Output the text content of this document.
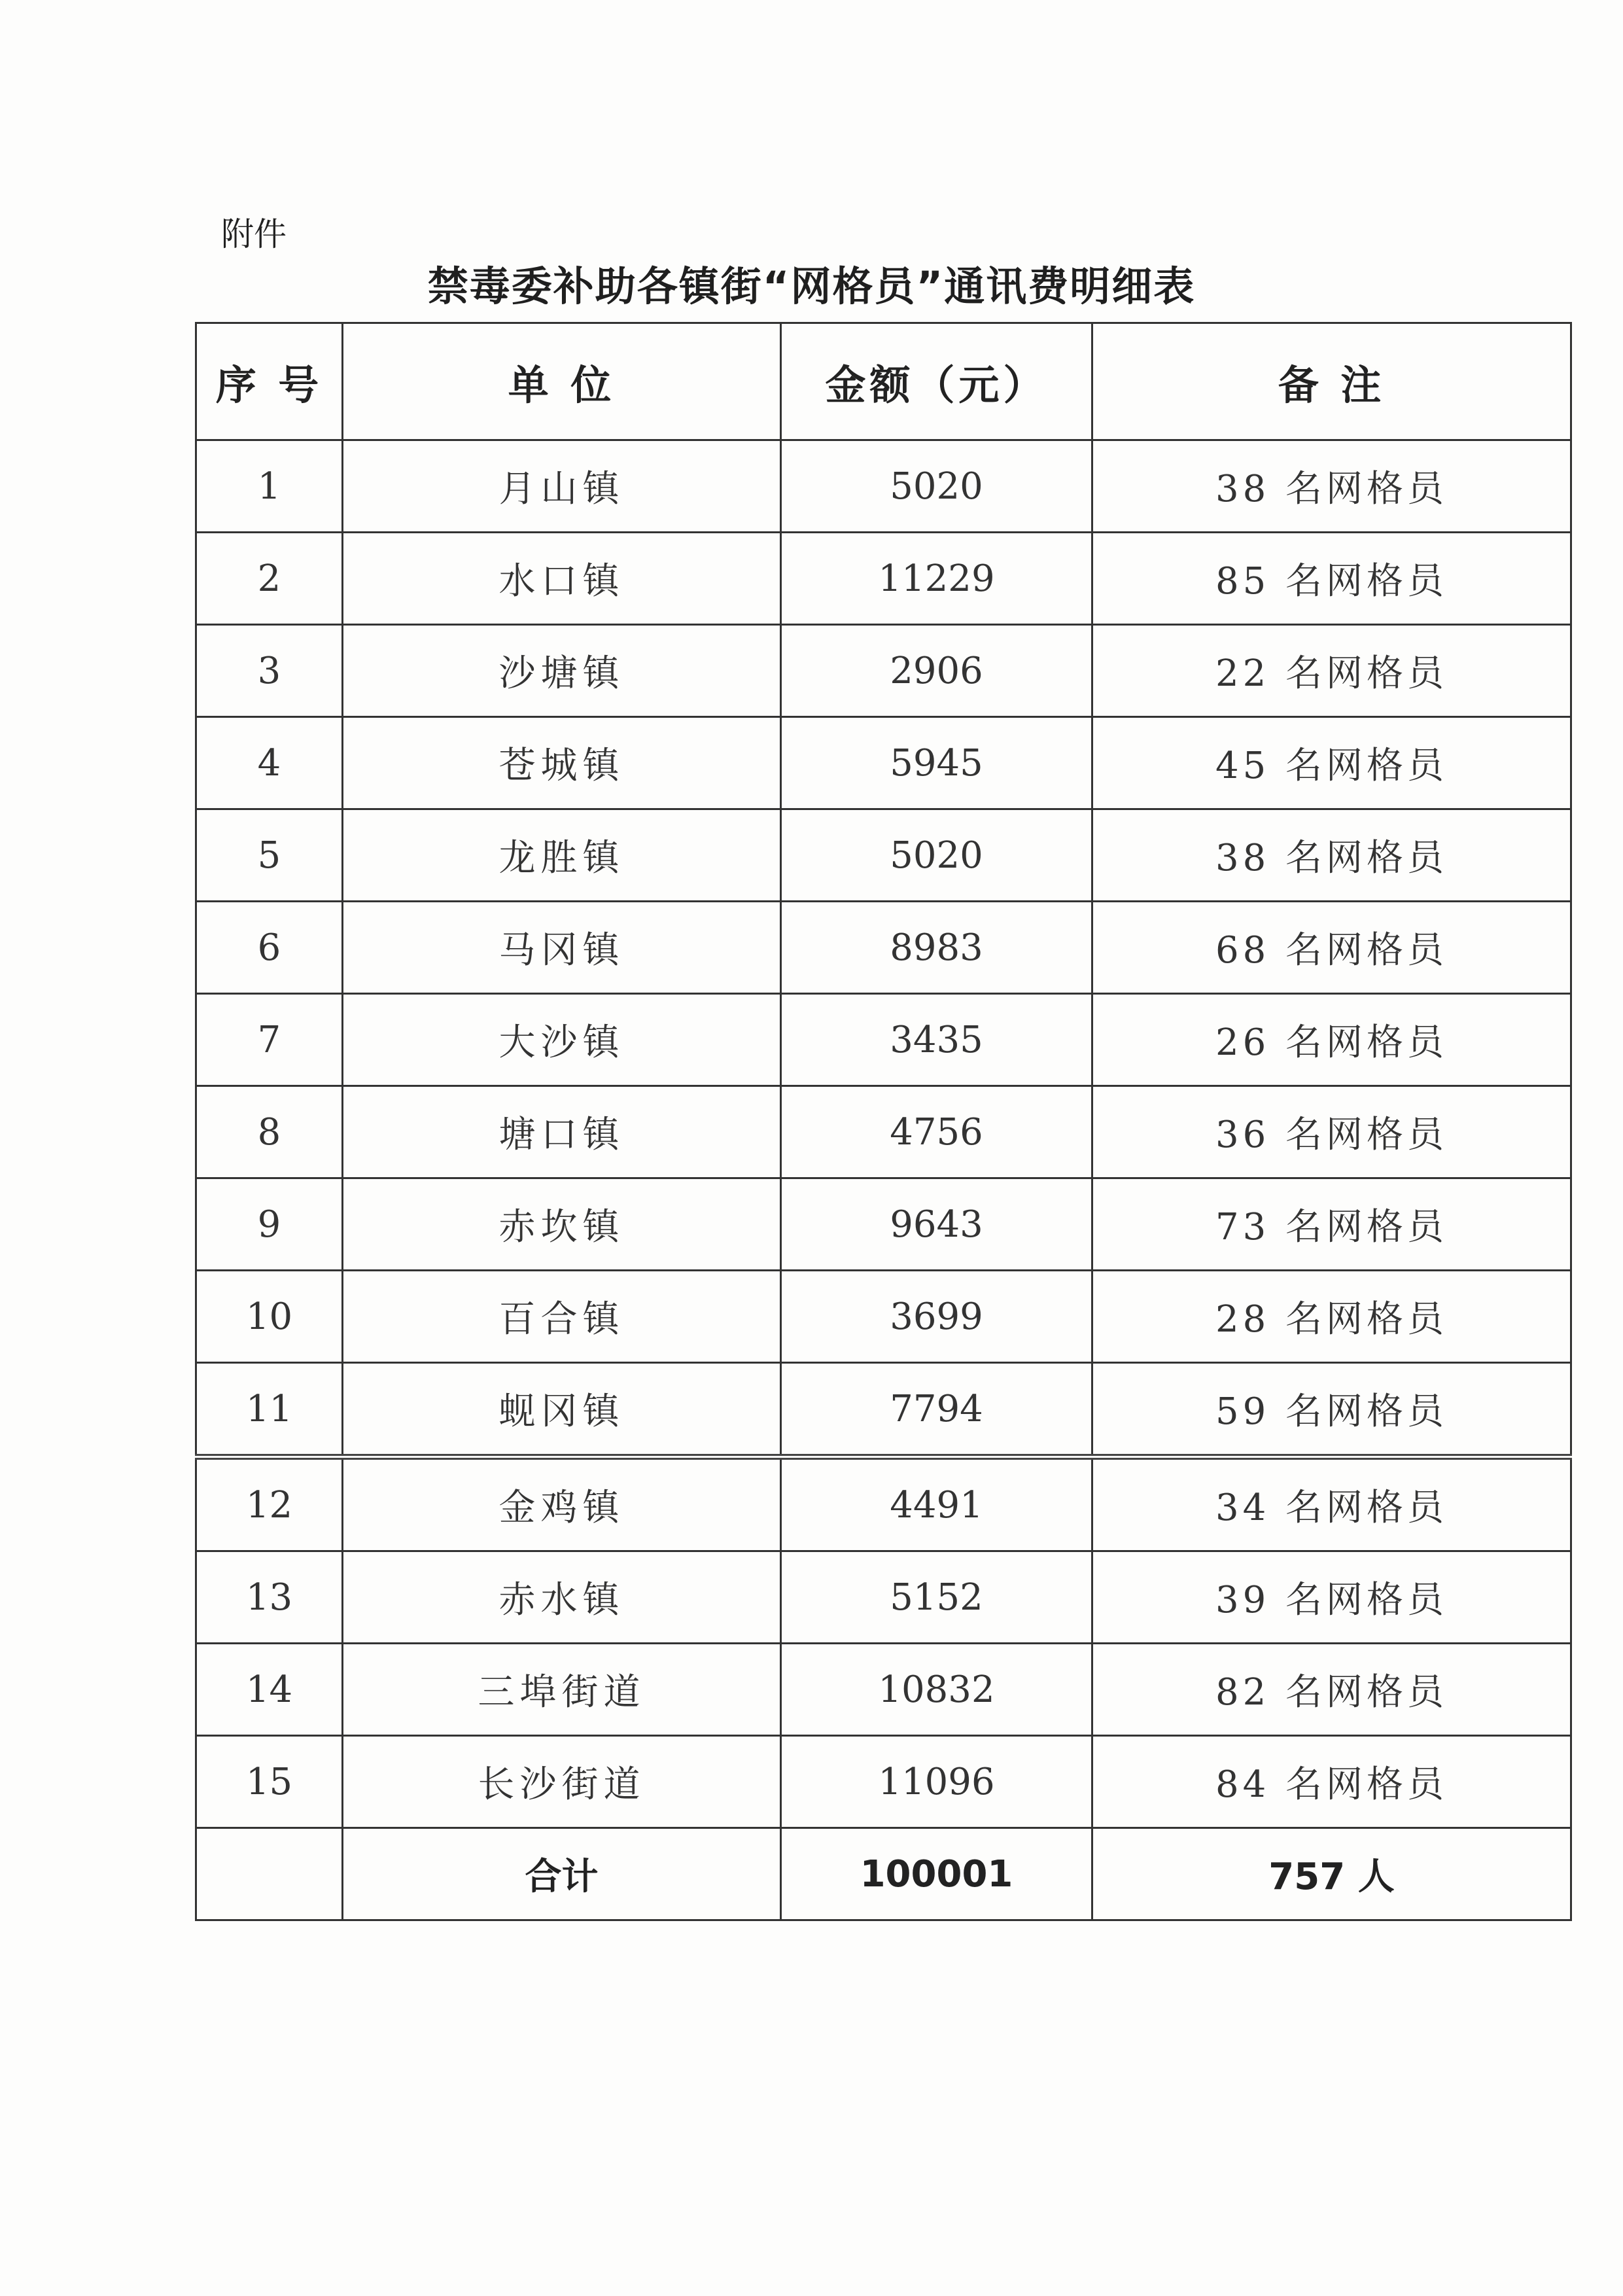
附件
禁毒委补助各镇街“网格员”通讯费明细表
序 号	单 位	金额（元）	备 注
1	月山镇	5020	38 名网格员
2	水口镇	11229	85 名网格员
3	沙塘镇	2906	22 名网格员
4	苍城镇	5945	45 名网格员
5	龙胜镇	5020	38 名网格员
6	马冈镇	8983	68 名网格员
7	大沙镇	3435	26 名网格员
8	塘口镇	4756	36 名网格员
9	赤坎镇	9643	73 名网格员
10	百合镇	3699	28 名网格员
11	蚬冈镇	7794	59 名网格员
12	金鸡镇	4491	34 名网格员
13	赤水镇	5152	39 名网格员
14	三埠街道	10832	82 名网格员
15	长沙街道	11096	84 名网格员
	合计	100001	757 人
